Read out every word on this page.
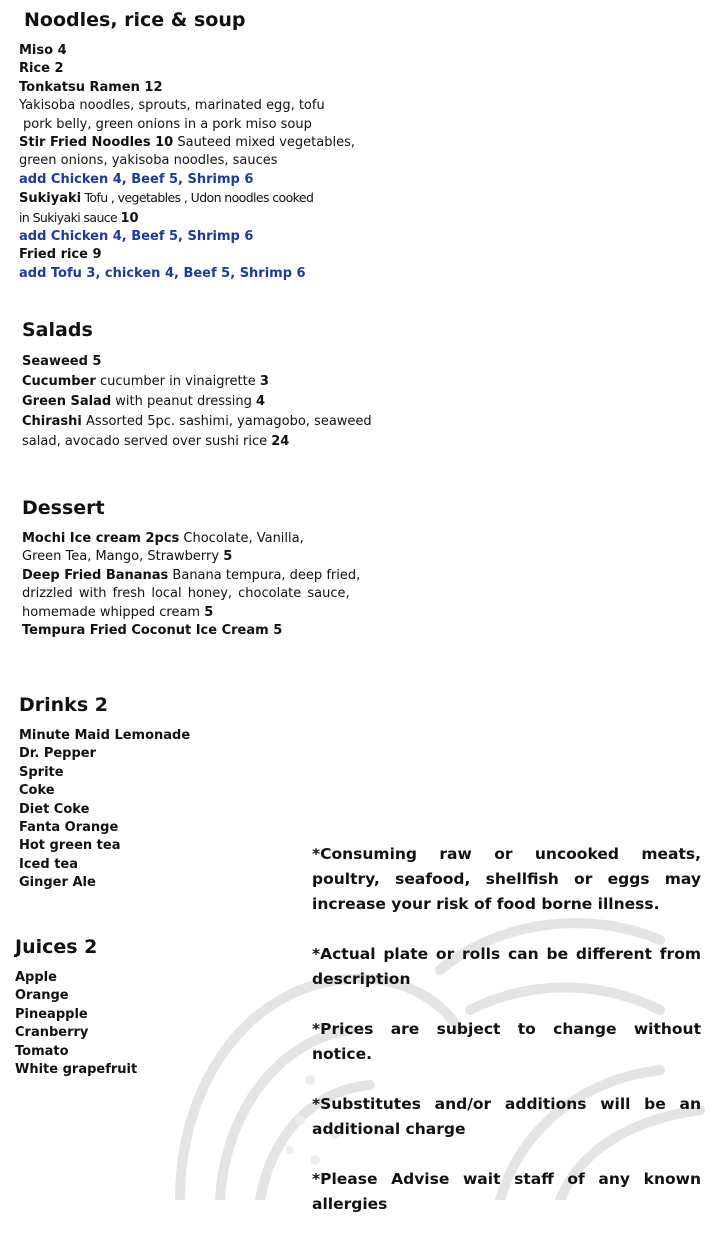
Noodles, rice & soup
Miso 4
Rice 2
Tonkatsu Ramen 12
Yakisoba noodles, sprouts, marinated egg, tofu
pork belly, green onions in a pork miso soup
Stir Fried Noodles 10 Sauteed mixed vegetables,
green onions, yakisoba noodles, sauces
add Chicken 4, Beef 5, Shrimp 6
Sukiyaki Tofu , vegetables , Udon noodles cooked
in Sukiyaki sauce 10
add Chicken 4, Beef 5, Shrimp 6
Fried rice 9
add Tofu 3, chicken 4, Beef 5, Shrimp 6
Salads
Seaweed 5
Cucumber cucumber in vinaigrette 3
Green Salad with peanut dressing 4
Chirashi Assorted 5pc. sashimi, yamagobo, seaweed
salad, avocado served over sushi rice 24
Dessert
Mochi Ice cream 2pcs Chocolate, Vanilla,
Green Tea, Mango, Strawberry 5
Deep Fried Bananas Banana tempura, deep fried,
drizzled with fresh local honey, chocolate sauce,
homemade whipped cream 5
Tempura Fried Coconut Ice Cream 5
Drinks 2
Minute Maid Lemonade
Dr. Pepper
Sprite
Coke
Diet Coke
Fanta Orange
Hot green tea
Iced tea
Ginger Ale
Juices 2
Apple
Orange
Pineapple
Cranberry
Tomato
White grapefruit

*Consuming raw or uncooked meats, poultry, seafood, shellfish or eggs may increase your risk of food borne illness.

*Actual plate or rolls can be different from description

*Prices are subject to change without notice.

*Substitutes and/or additions will be an additional charge

*Please Advise wait staff of any known allergies
